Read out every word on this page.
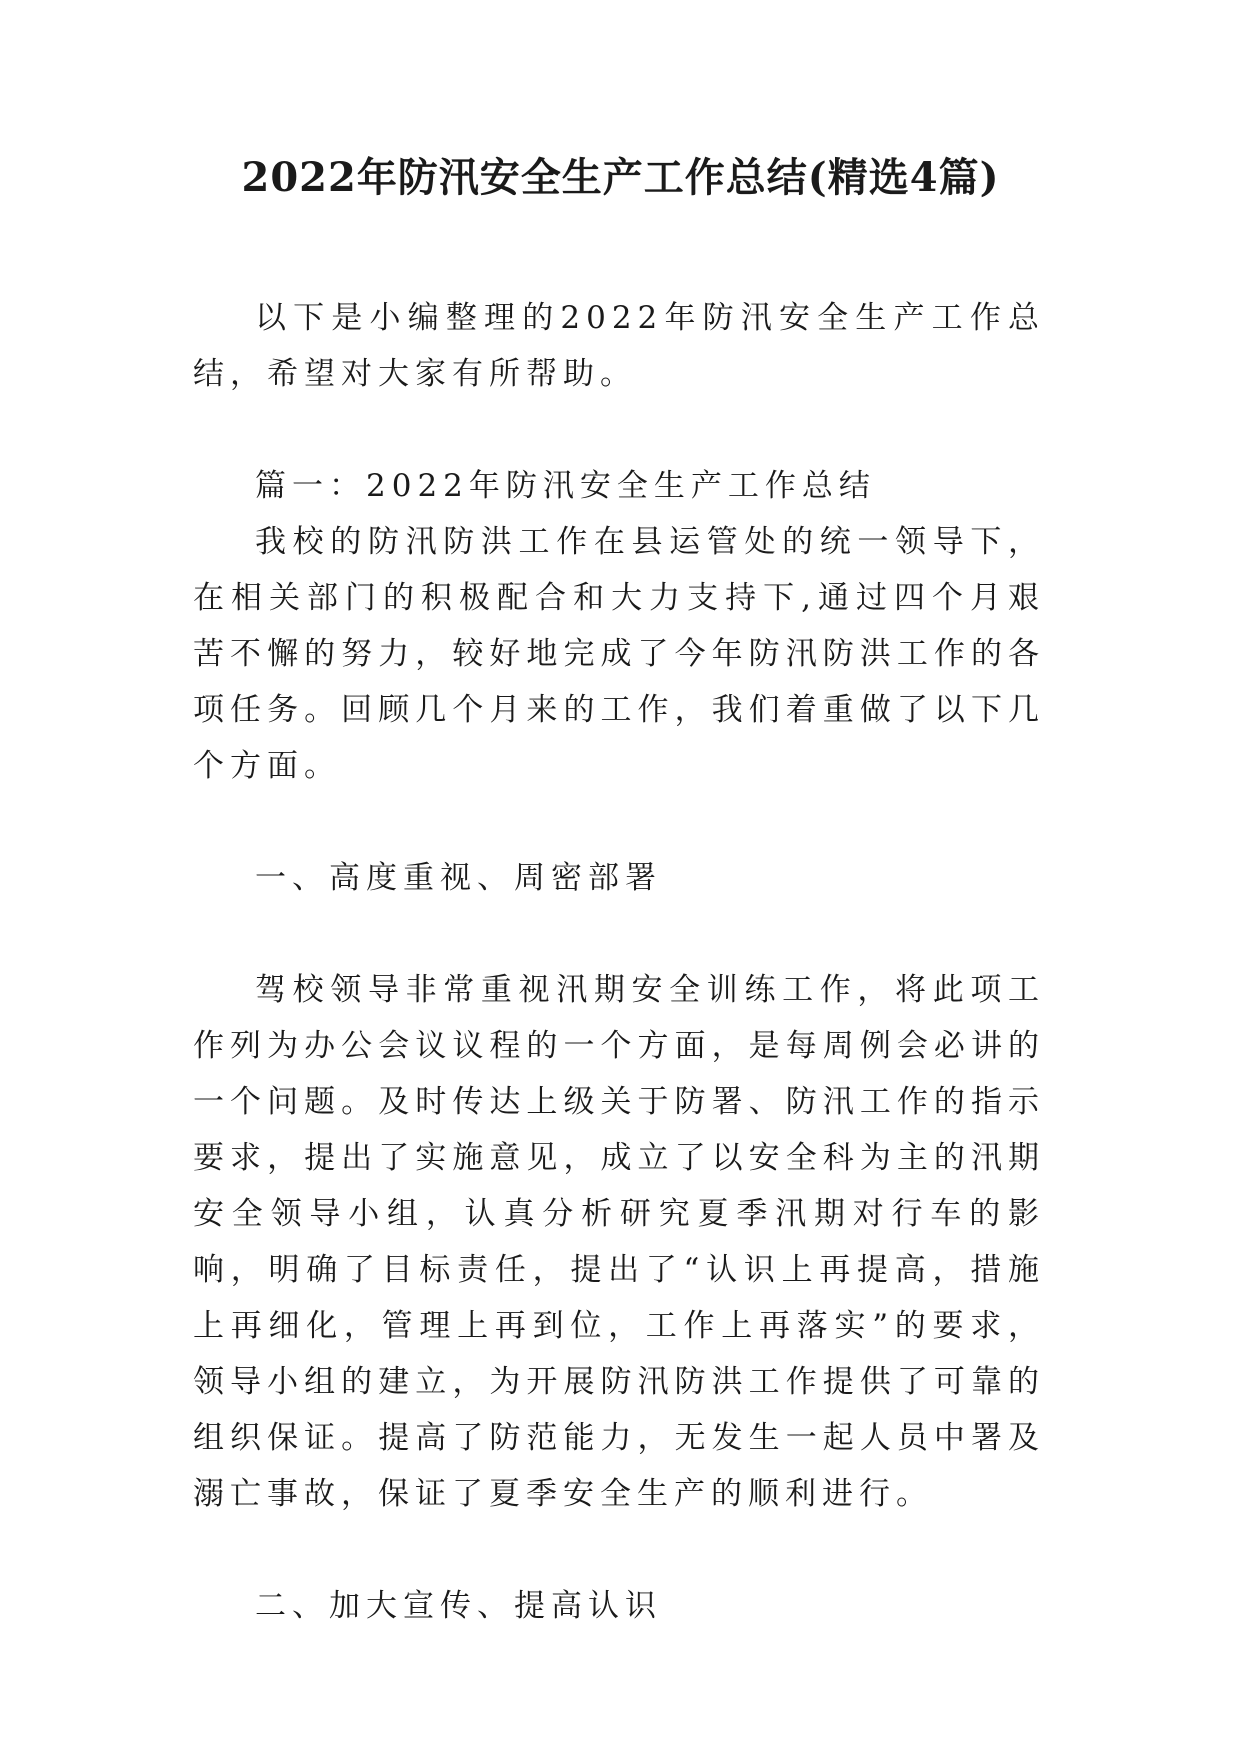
2022年防汛安全生产工作总结(精选4篇)

以下是小编整理的2022年防汛安全生产工作总结，希望对大家有所帮助。

篇一：2022年防汛安全生产工作总结

我校的防汛防洪工作在县运管处的统一领导下，在相关部门的积极配合和大力支持下,通过四个月艰苦不懈的努力，较好地完成了今年防汛防洪工作的各项任务。回顾几个月来的工作，我们着重做了以下几个方面。

一、高度重视、周密部署

驾校领导非常重视汛期安全训练工作，将此项工作列为办公会议议程的一个方面，是每周例会必讲的一个问题。及时传达上级关于防署、防汛工作的指示要求，提出了实施意见，成立了以安全科为主的汛期安全领导小组，认真分析研究夏季汛期对行车的影响，明确了目标责任，提出了“认识上再提高，措施上再细化，管理上再到位，工作上再落实”的要求，领导小组的建立，为开展防汛防洪工作提供了可靠的组织保证。提高了防范能力，无发生一起人员中署及溺亡事故，保证了夏季安全生产的顺利进行。

二、加大宣传、提高认识
